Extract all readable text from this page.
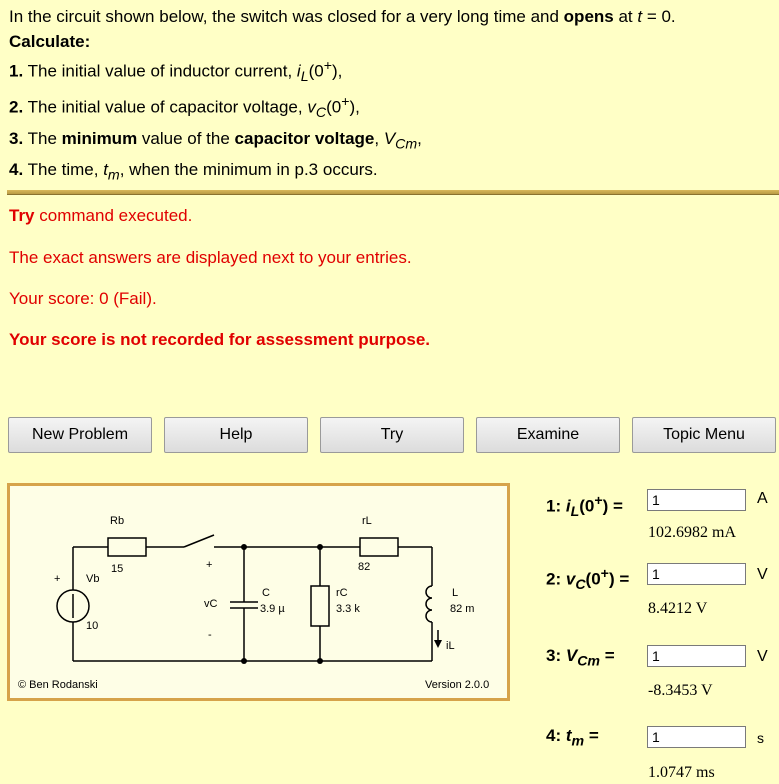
In the circuit shown below, the switch was closed for a very long time and opens at t = 0.
Calculate:
1. The initial value of inductor current, $i_L(0^+)$,
2. The initial value of capacitor voltage, $v_C(0^+)$,
3. The minimum value of the capacitor voltage, $V_{Cm}$,
4. The time, $t_m$, when the minimum in p.3 occurs.
Try command executed.
The exact answers are displayed next to your entries.
Your score: 0 (Fail).
Your score is not recorded for assessment purpose.
New Problem	Help	Try	Examine	Topic Menu
Rb
+ Vb
15
10
+
rL
82
vC
-
C
3.9 µ
rC
3.3 k
L
82 m
iL
© Ben Rodanski	Version 2.0.0
1: $i_L(0^+)$ =
1	A
102.6982 mA
2: $v_C(0^+)$ =
1	V
8.4212 V
3: $V_{Cm}$ =
1	V
-8.3453 V
4: $t_m$ =
1	s
1.0747 ms
